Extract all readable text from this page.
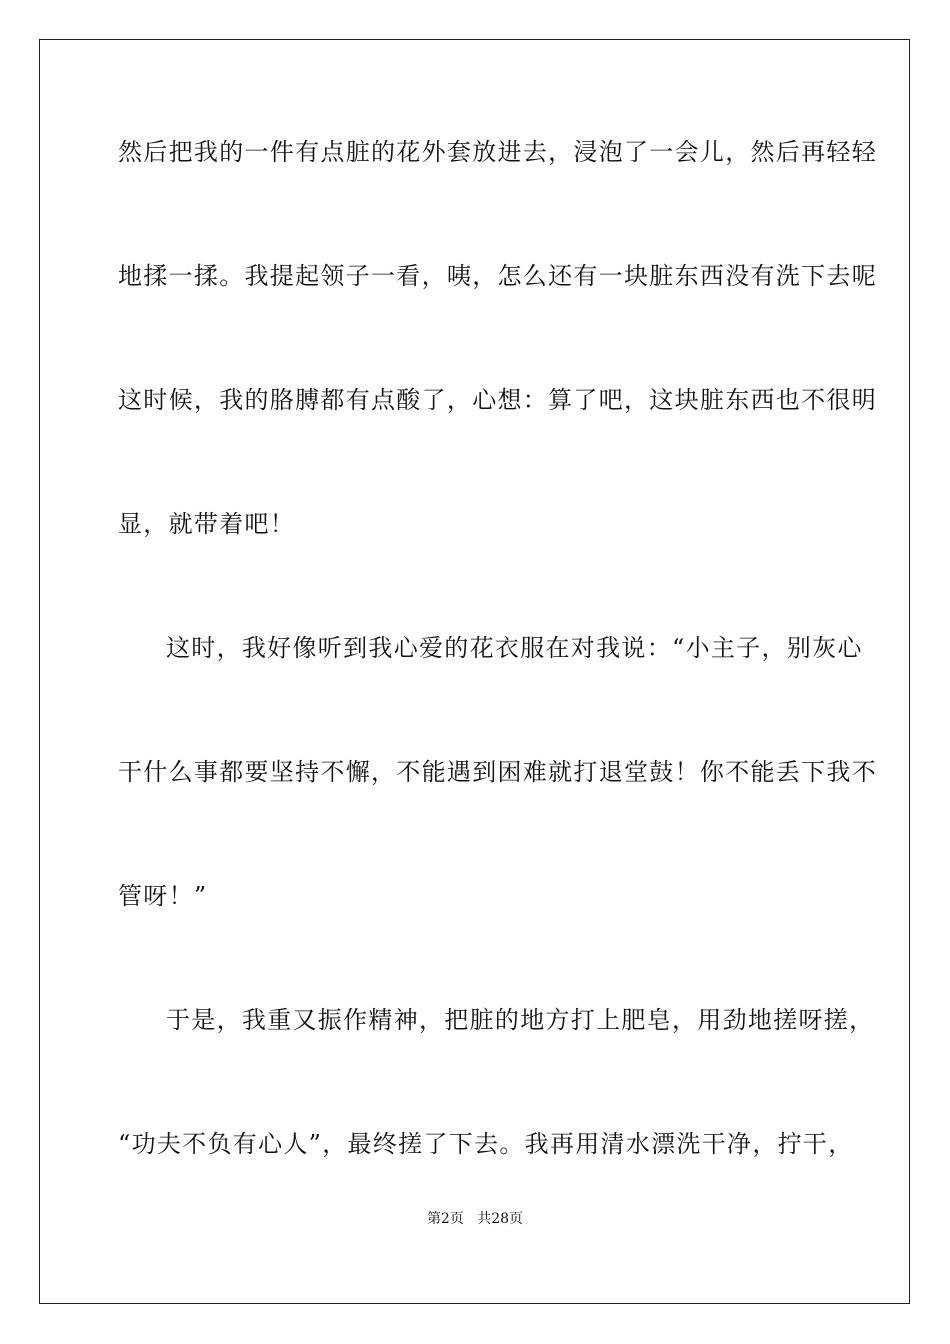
然后把我的一件有点脏的花外套放进去，浸泡了一会儿，然后再轻轻
地揉一揉。我提起领子一看，咦，怎么还有一块脏东西没有洗下去呢
这时候，我的胳膊都有点酸了，心想：算了吧，这块脏东西也不很明
显，就带着吧！
这时，我好像听到我心爱的花衣服在对我说：“小主子，别灰心
干什么事都要坚持不懈，不能遇到困难就打退堂鼓！你不能丢下我不
管呀！”
于是，我重又振作精神，把脏的地方打上肥皂，用劲地搓呀搓，
“功夫不负有心人”，最终搓了下去。我再用清水漂洗干净，拧干，
第2页 共28页
